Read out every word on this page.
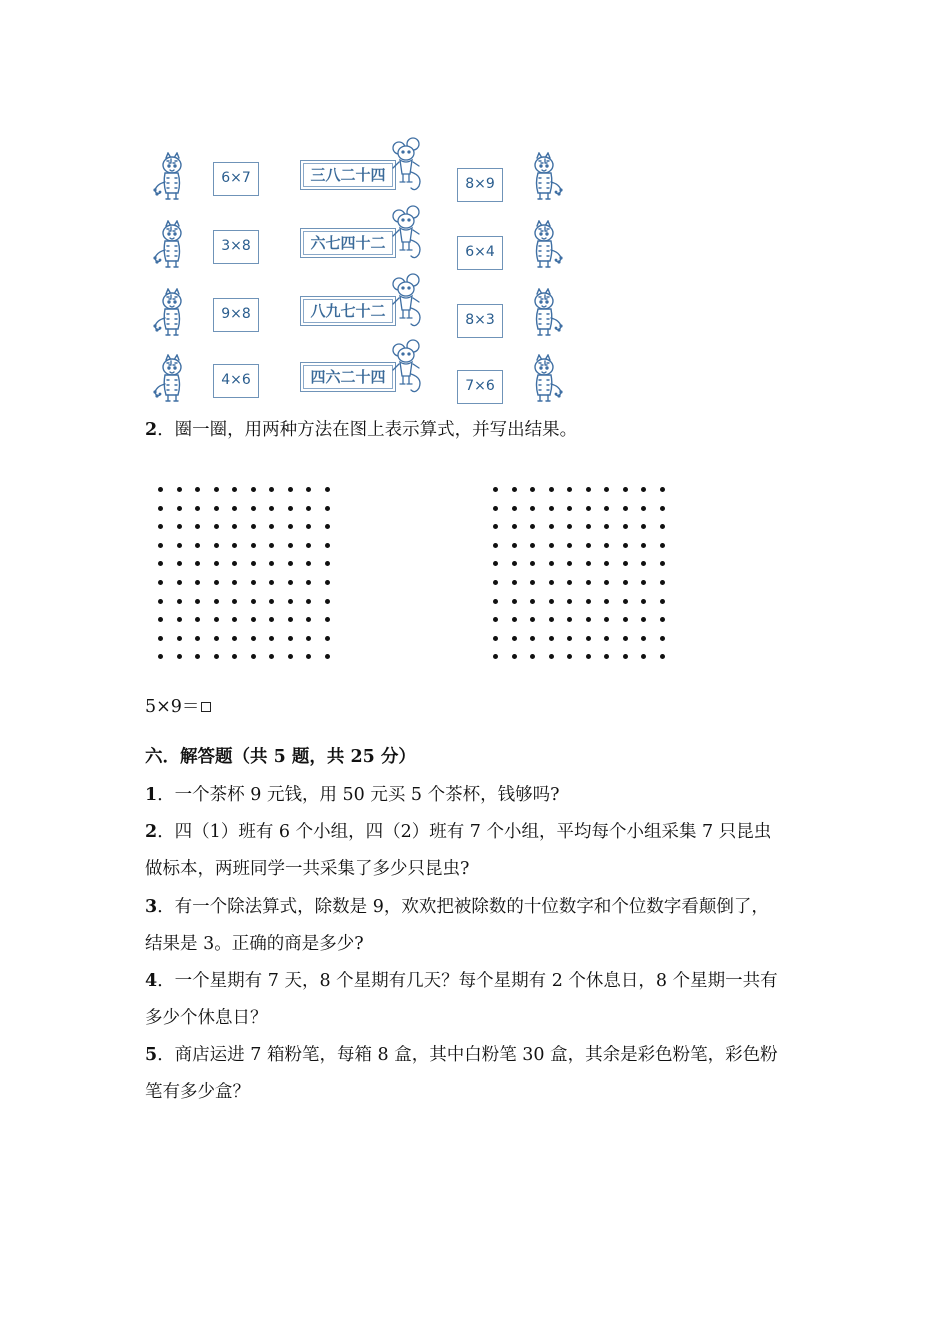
6×7	三八二十四	8×9
3×8	六七四十二	6×4
9×8	八九七十二	8×3
4×6	四六二十四	7×6
2．圈一圈，用两种方法在图上表示算式，并写出结果。
5×9＝
六．解答题（共 5 题，共 25 分）
1．一个茶杯 9 元钱，用 50 元买 5 个茶杯，钱够吗?
2．四（1）班有 6 个小组，四（2）班有 7 个小组，平均每个小组采集 7 只昆虫
做标本，两班同学一共采集了多少只昆虫?
3．有一个除法算式，除数是 9，欢欢把被除数的十位数字和个位数字看颠倒了，
结果是 3。正确的商是多少?
4．一个星期有 7 天，8 个星期有几天？每个星期有 2 个休息日，8 个星期一共有
多少个休息日？
5．商店运进 7 箱粉笔，每箱 8 盒，其中白粉笔 30 盒，其余是彩色粉笔，彩色粉
笔有多少盒？
